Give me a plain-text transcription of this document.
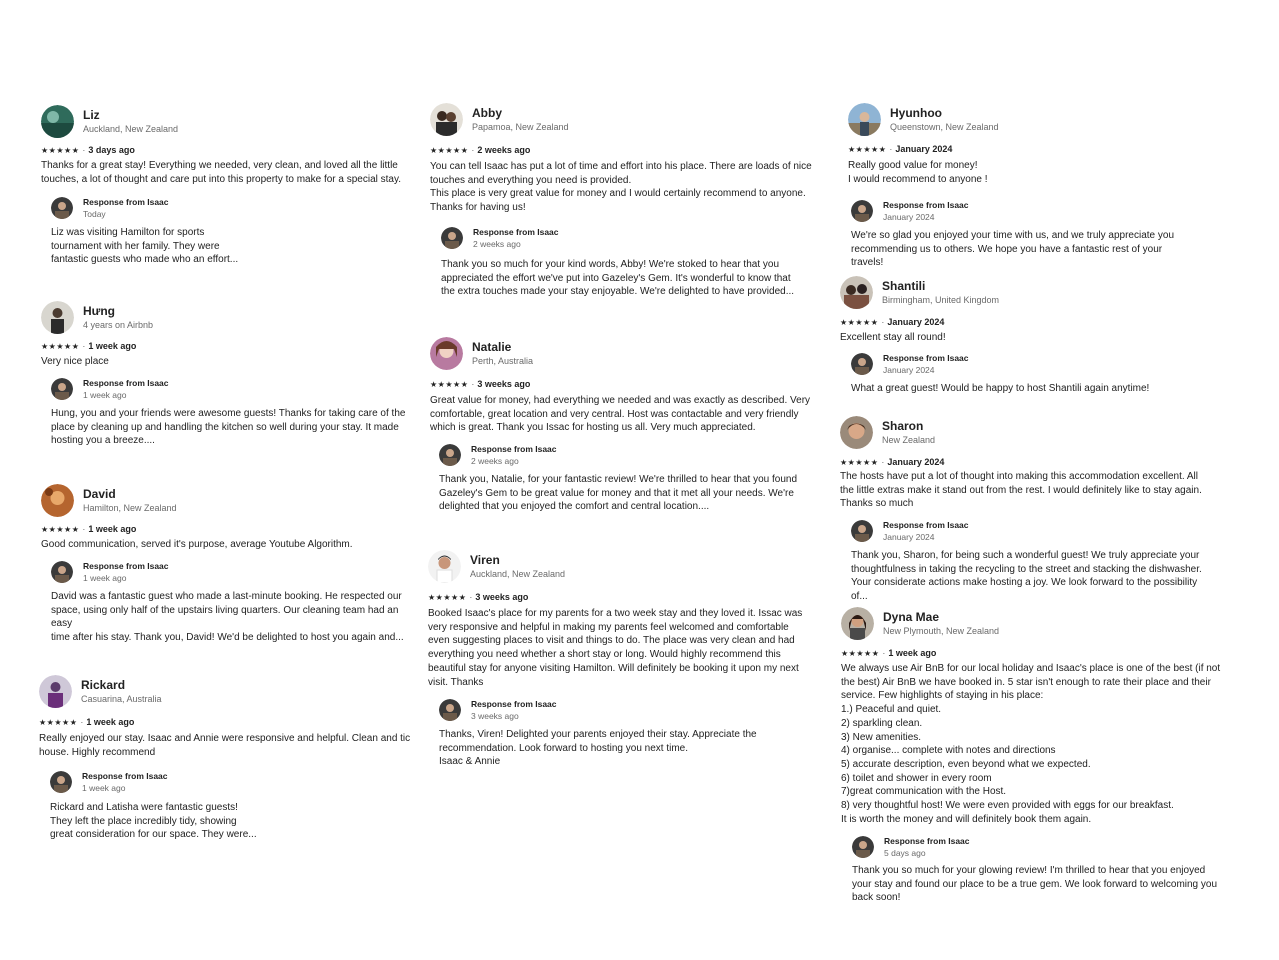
Liz
Auckland, New Zealand
★★★★★ · 3 days ago
Thanks for a great stay! Everything we needed, very clean, and loved all the little
touches, a lot of thought and care put into this property to make for a special stay.
Response from Isaac
Today
Liz was visiting Hamilton for sports
tournament with her family. They were
fantastic guests who made who an effort...
Hưng
4 years on Airbnb
★★★★★ · 1 week ago
Very nice place
Response from Isaac
1 week ago
Hung, you and your friends were awesome guests! Thanks for taking care of the
place by cleaning up and handling the kitchen so well during your stay. It made
hosting you a breeze....
David
Hamilton, New Zealand
★★★★★ · 1 week ago
Good communication, served it's purpose, average Youtube Algorithm.
Response from Isaac
1 week ago
David was a fantastic guest who made a last-minute booking. He respected our
space, using only half of the upstairs living quarters. Our cleaning team had an easy
time after his stay. Thank you, David! We'd be delighted to host you again and...
Rickard
Casuarina, Australia
★★★★★ · 1 week ago
Really enjoyed our stay. Isaac and Annie were responsive and helpful. Clean and tic
house. Highly recommend
Response from Isaac
1 week ago
Rickard and Latisha were fantastic guests!
They left the place incredibly tidy, showing
great consideration for our space. They were...
Abby
Papamoa, New Zealand
★★★★★ · 2 weeks ago
You can tell Isaac has put a lot of time and effort into his place. There are loads of nice
touches and everything you need is provided.
This place is very great value for money and I would certainly recommend to anyone.
Thanks for having us!
Response from Isaac
2 weeks ago
Thank you so much for your kind words, Abby! We're stoked to hear that you
appreciated the effort we've put into Gazeley's Gem. It's wonderful to know that
the extra touches made your stay enjoyable. We're delighted to have provided...
Natalie
Perth, Australia
★★★★★ · 3 weeks ago
Great value for money, had everything we needed and was exactly as described. Very
comfortable, great location and very central. Host was contactable and very friendly
which is great. Thank you Issac for hosting us all. Very much appreciated.
Response from Isaac
2 weeks ago
Thank you, Natalie, for your fantastic review! We're thrilled to hear that you found
Gazeley's Gem to be great value for money and that it met all your needs. We're
delighted that you enjoyed the comfort and central location....
Viren
Auckland, New Zealand
★★★★★ · 3 weeks ago
Booked Isaac's place for my parents for a two week stay and they loved it. Issac was
very responsive and helpful in making my parents feel welcomed and comfortable
even suggesting places to visit and things to do. The place was very clean and had
everything you need whether a short stay or long. Would highly recommend this
beautiful stay for anyone visiting Hamilton. Will definitely be booking it upon my next
visit. Thanks
Response from Isaac
3 weeks ago
Thanks, Viren! Delighted your parents enjoyed their stay. Appreciate the
recommendation. Look forward to hosting you next time.
Isaac & Annie
Hyunhoo
Queenstown, New Zealand
★★★★★ · January 2024
Really good value for money!
I would recommend to anyone !
Response from Isaac
January 2024
We're so glad you enjoyed your time with us, and we truly appreciate you
recommending us to others. We hope you have a fantastic rest of your travels!
Shantili
Birmingham, United Kingdom
★★★★★ · January 2024
Excellent stay all round!
Response from Isaac
January 2024
What a great guest! Would be happy to host Shantili again anytime!
Sharon
New Zealand
★★★★★ · January 2024
The hosts have put a lot of thought into making this accommodation excellent. All
the little extras make it stand out from the rest. I would definitely like to stay again.
Thanks so much
Response from Isaac
January 2024
Thank you, Sharon, for being such a wonderful guest! We truly appreciate your
thoughtfulness in taking the recycling to the street and stacking the dishwasher.
Your considerate actions make hosting a joy. We look forward to the possibility of...
Dyna Mae
New Plymouth, New Zealand
★★★★★ · 1 week ago
We always use Air BnB for our local holiday and Isaac's place is one of the best (if not
the best) Air BnB we have booked in. 5 star isn't enough to rate their place and their
service. Few highlights of staying in his place:
1.) Peaceful and quiet.
2) sparkling clean.
3) New amenities.
4) organise... complete with notes and directions
5) accurate description, even beyond what we expected.
6) toilet and shower in every room
7)great communication with the Host.
8) very thoughtful host! We were even provided with eggs for our breakfast.
It is worth the money and will definitely book them again.
Response from Isaac
5 days ago
Thank you so much for your glowing review! I'm thrilled to hear that you enjoyed
your stay and found our place to be a true gem. We look forward to welcoming you
back soon!
